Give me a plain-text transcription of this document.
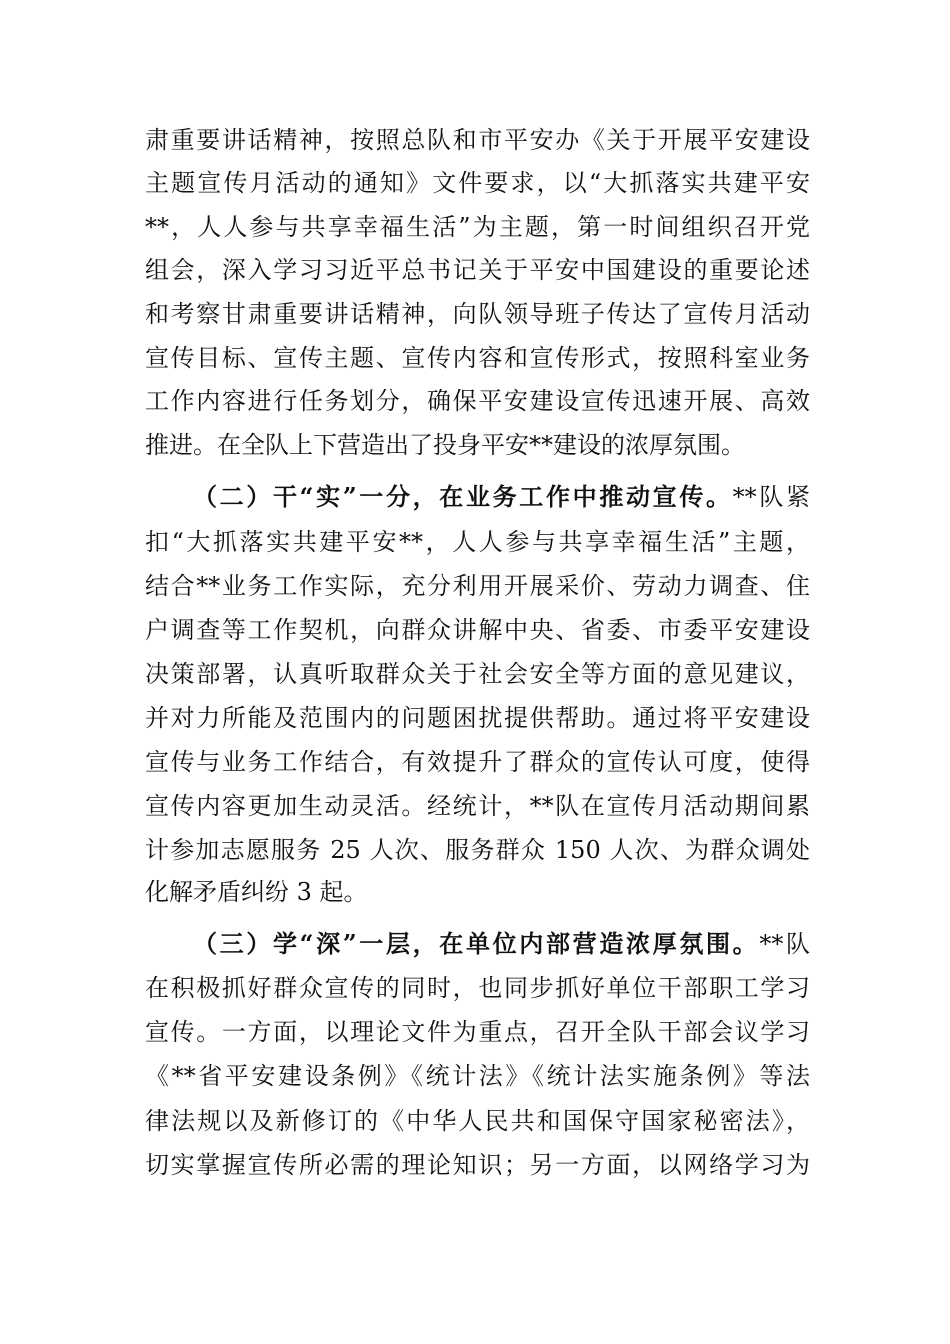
肃重要讲话精神，按照总队和市平安办《关于开展平安建设
主题宣传月活动的通知》文件要求，以“大抓落实共建平安
**，人人参与共享幸福生活”为主题，第一时间组织召开党
组会，深入学习习近平总书记关于平安中国建设的重要论述
和考察甘肃重要讲话精神，向队领导班子传达了宣传月活动
宣传目标、宣传主题、宣传内容和宣传形式，按照科室业务
工作内容进行任务划分，确保平安建设宣传迅速开展、高效
推进。在全队上下营造出了投身平安**建设的浓厚氛围。
（二）干“实”一分，在业务工作中推动宣传。**队紧
扣“大抓落实共建平安**，人人参与共享幸福生活”主题，
结合**业务工作实际，充分利用开展采价、劳动力调查、住
户调查等工作契机，向群众讲解中央、省委、市委平安建设
决策部署，认真听取群众关于社会安全等方面的意见建议，
并对力所能及范围内的问题困扰提供帮助。通过将平安建设
宣传与业务工作结合，有效提升了群众的宣传认可度，使得
宣传内容更加生动灵活。经统计，**队在宣传月活动期间累
计参加志愿服务 25 人次、服务群众 150 人次、为群众调处
化解矛盾纠纷 3 起。
（三）学“深”一层，在单位内部营造浓厚氛围。**队
在积极抓好群众宣传的同时，也同步抓好单位干部职工学习
宣传。一方面，以理论文件为重点，召开全队干部会议学习
《**省平安建设条例》《统计法》《统计法实施条例》等法
律法规以及新修订的《中华人民共和国保守国家秘密法》，
切实掌握宣传所必需的理论知识；另一方面，以网络学习为
